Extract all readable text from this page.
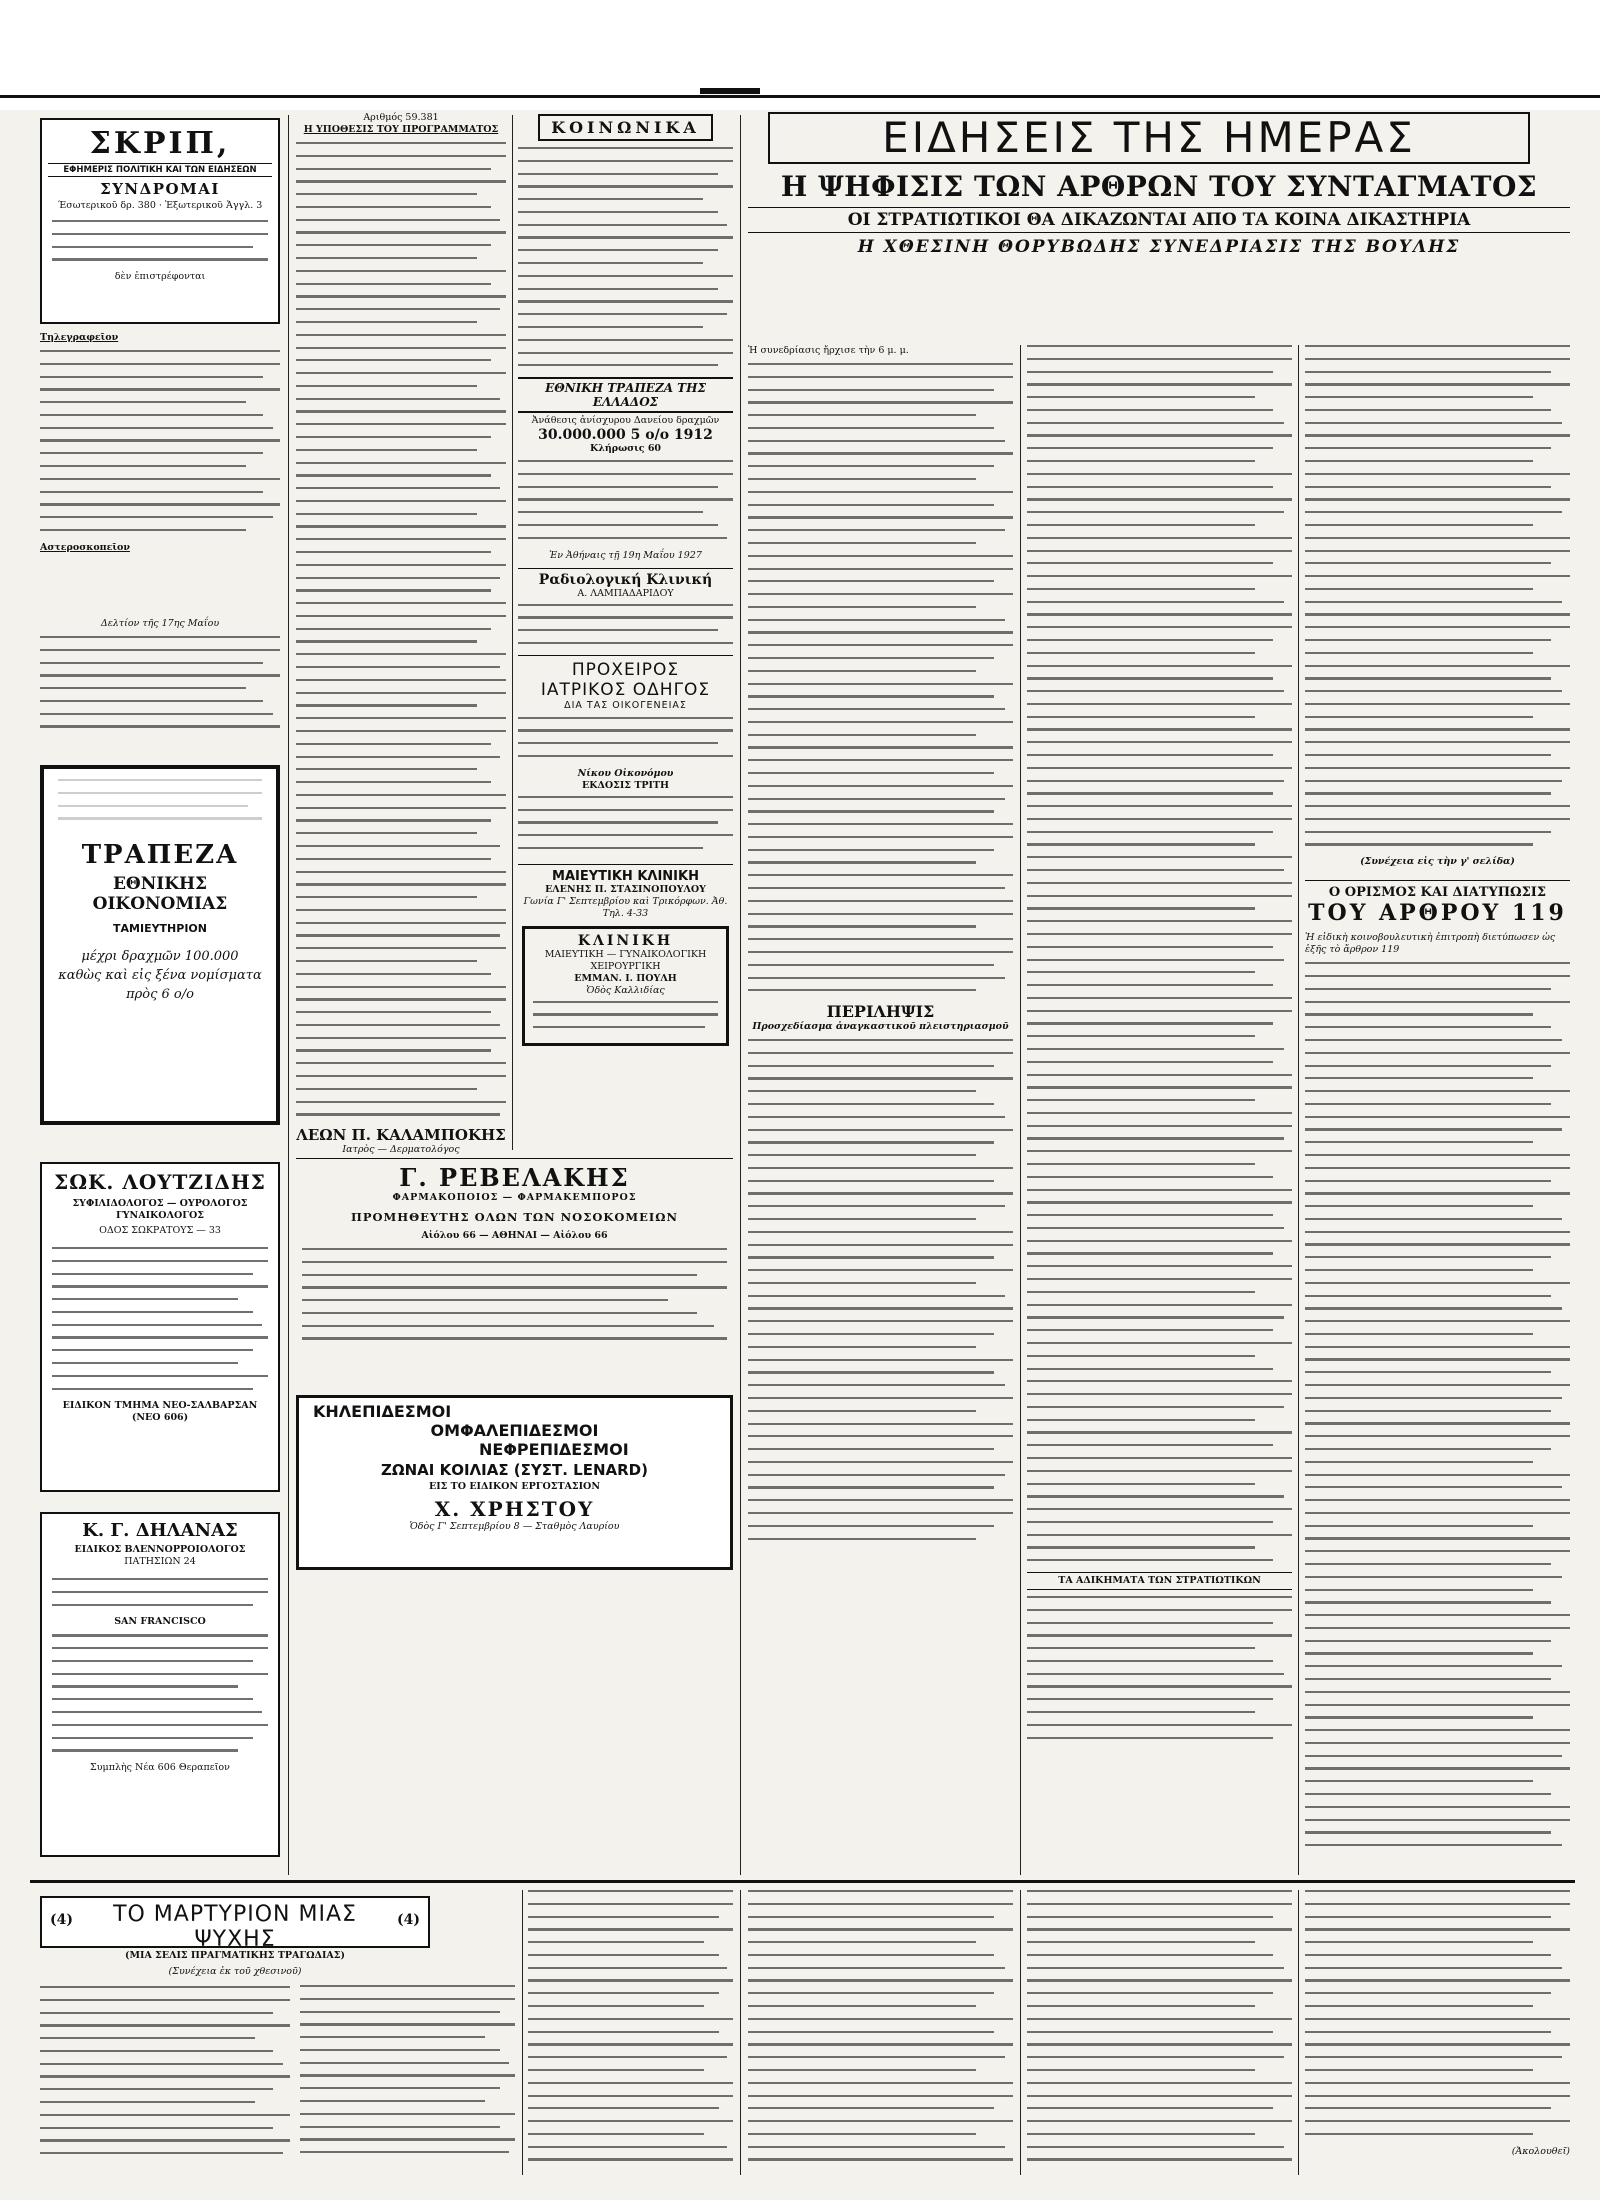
ΣΚΡΙΠ,
ΕΦΗΜΕΡΙΣ ΠΟΛΙΤΙΚΗ ΚΑΙ ΤΩΝ ΕΙΔΗΣΕΩΝ
ΣΥΝΔΡΟΜΑΙ
Έσωτερικοῦ δρ. 380 · Ἐξωτερικοῦ Ἀγγλ. 3
δὲν ἐπιστρέφονται
Τηλεγραφεῖον
Αστεροσκοπεῖον
Δελτίον τῆς 17ης Μαΐου
ΤΡΑΠΕΖΑ
ΕΘΝΙΚΗΣ ΟΙΚΟΝΟΜΙΑΣ
ΤΑΜΙΕΥΤΗΡΙΟΝ
μέχρι δραχμῶν 100.000
καθὼς καὶ εἰς ξένα νομίσματα
πρὸς 6 ο/ο
ΣΩΚ. ΛΟΥΤΖΙΔΗΣ
ΣΥΦΙΛΙΔΟΛΟΓΟΣ — ΟΥΡΟΛΟΓΟΣ ΓΥΝΑΙΚΟΛΟΓΟΣ
ΟΔΟΣ ΣΩΚΡΑΤΟΥΣ — 33
ΕΙΔΙΚΟΝ ΤΜΗΜΑ ΝΕΟ-ΣΑΛΒΑΡΣΑΝ (ΝΕΟ 606)
Κ. Γ. ΔΗΛΑΝΑΣ
ΕΙΔΙΚΟΣ ΒΛΕΝΝΟΡΡΟΙΟΛΟΓΟΣ
ΠΑΤΗΣΙΩΝ 24
SAN FRANCISCO
Συμπλὴς Νέα 606 Θεραπεῖον
Αριθμός 59.381
Η ΥΠΟΘΕΣΙΣ ΤΟΥ ΠΡΟΓΡΑΜΜΑΤΟΣ
ΛΕΩΝ Π. ΚΑΛΑΜΠΟΚΗΣ
Ιατρὸς — Δερματολόγος
ΚΟΙΝΩΝΙΚΑ
ΕΘΝΙΚΗ ΤΡΑΠΕΖΑ ΤΗΣ ΕΛΛΑΔΟΣ
Ἀνάθεσις ἀνίσχυρου Δανείου δραχμῶν
30.000.000 5 ο/ο 1912
Κλήρωσις 60
Ἐν Ἀθήναις τῇ 19η Μαΐου 1927
Ραδιολογική Κλινική
Α. ΛΑΜΠΑΔΑΡΙΔΟΥ
ΠΡΟΧΕΙΡΟΣ
ΙΑΤΡΙΚΟΣ ΟΔΗΓΟΣ
ΔΙΑ ΤΑΣ ΟΙΚΟΓΕΝΕΙΑΣ
Νίκου Οἰκονόμου
ΕΚΔΟΣΙΣ ΤΡΙΤΗ
ΜΑΙΕΥΤΙΚΗ ΚΛΙΝΙΚΗ
ΕΛΕΝΗΣ Π. ΣΤΑΣΙΝΟΠΟΥΛΟΥ
Γωνία Γ' Σεπτεμβρίου καὶ Τρικόρφων. Ἀθ. Τηλ. 4-33
ΚΛΙΝΙΚΗ
ΜΑΙΕΥΤΙΚΗ — ΓΥΝΑΙΚΟΛΟΓΙΚΗ ΧΕΙΡΟΥΡΓΙΚΗ
ΕΜΜΑΝ. Ι. ΠΟΥΛΗ
Ὁδὸς Καλλιδίας
Γ. ΡΕΒΕΛΑΚΗΣ
ΦΑΡΜΑΚΟΠΟΙΟΣ — ΦΑΡΜΑΚΕΜΠΟΡΟΣ
ΠΡΟΜΗΘΕΥΤΗΣ ΟΛΩΝ ΤΩΝ ΝΟΣΟΚΟΜΕΙΩΝ
Αἰόλου 66 — ΑΘΗΝΑΙ — Αἰόλου 66
ΚΗΛΕΠΙΔΕΣΜΟΙ
ΟΜΦΑΛΕΠΙΔΕΣΜΟΙ
ΝΕΦΡΕΠΙΔΕΣΜΟΙ
ΖΩΝΑΙ ΚΟΙΛΙΑΣ (ΣΥΣΤ. LENARD)
ΕΙΣ ΤΟ ΕΙΔΙΚΟΝ ΕΡΓΟΣΤΑΣΙΟΝ
Χ. ΧΡΗΣΤΟΥ
Ὁδὸς Γ' Σεπτεμβρίου 8 — Σταθμὸς Λαυρίου
ΕΙΔΗΣΕΙΣ ΤΗΣ ΗΜΕΡΑΣ
Η ΨΗΦΙΣΙΣ ΤΩΝ ΑΡΘΡΩΝ ΤΟΥ ΣΥΝΤΑΓΜΑΤΟΣ
ΟΙ ΣΤΡΑΤΙΩΤΙΚΟΙ ΘΑ ΔΙΚΑΖΩΝΤΑΙ ΑΠΟ ΤΑ ΚΟΙΝΑ ΔΙΚΑΣΤΗΡΙΑ
Η ΧΘΕΣΙΝΗ ΘΟΡΥΒΩΔΗΣ ΣΥΝΕΔΡΙΑΣΙΣ ΤΗΣ ΒΟΥΛΗΣ
Ἡ συνεδρίασις ἤρχισε τὴν 6 μ. μ.
ΠΕΡΙΛΗΨΙΣ
Προσχεδίασμα ἀναγκαστικοῦ πλειστηριασμοῦ
ΤΑ ΑΔΙΚΗΜΑΤΑ ΤΩΝ ΣΤΡΑΤΙΩΤΙΚΩΝ
(Συνέχεια εἰς τὴν γ' σελίδα)
Ο ΟΡΙΣΜΟΣ ΚΑΙ ΔΙΑΤΥΠΩΣΙΣ
ΤΟΥ ΑΡΘΡΟΥ 119
Ἡ εἰδικὴ κοινοβουλευτικὴ ἐπιτροπὴ διετύπωσεν ὡς ἑξῆς τὸ ἄρθρον 119
(4)	ΤΟ ΜΑΡΤΥΡΙΟΝ ΜΙΑΣ ΨΥΧΗΣ
(4)
(ΜΙΑ ΣΕΛΙΣ ΠΡΑΓΜΑΤΙΚΗΣ ΤΡΑΓΩΔΙΑΣ)
(Συνέχεια ἐκ τοῦ χθεσινοῦ)
(Ἀκολουθεῖ)
